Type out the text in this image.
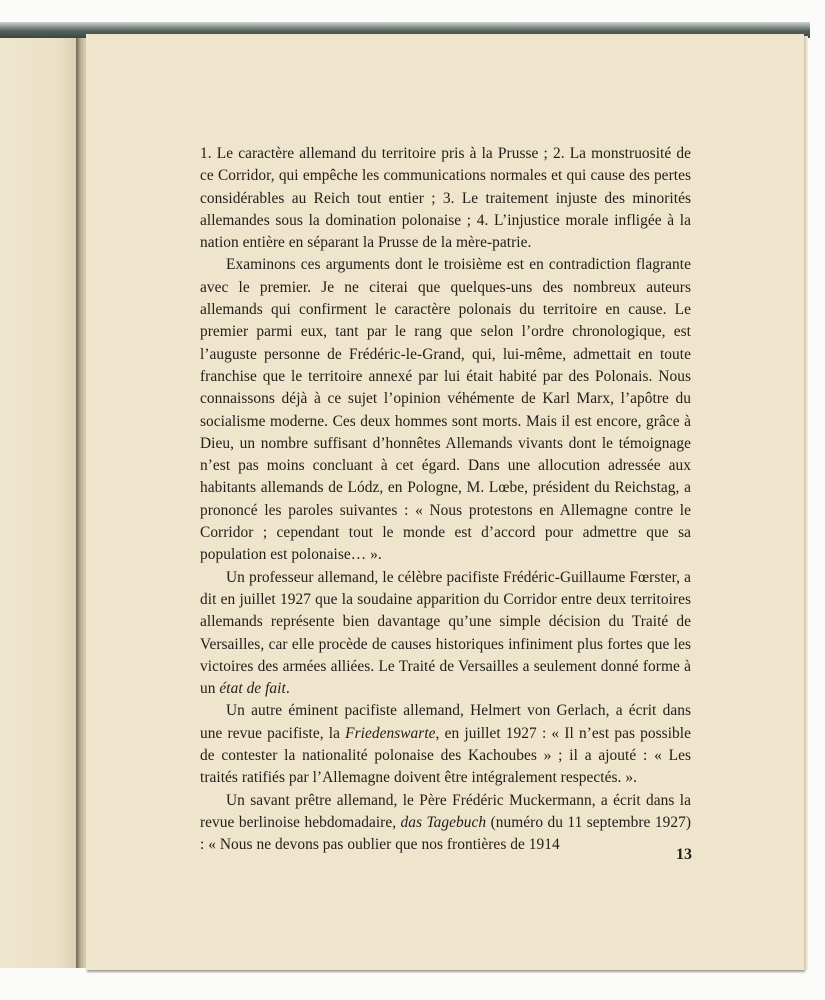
1. Le caractère allemand du territoire pris à la Prusse ; 2. La monstruosité de ce Corridor, qui empêche les communications normales et qui cause des pertes considérables au Reich tout entier ; 3. Le traitement injuste des minorités allemandes sous la domination polonaise ; 4. L’injustice morale infligée à la nation entière en séparant la Prusse de la mère-patrie.

Examinons ces arguments dont le troisième est en contradiction flagrante avec le premier. Je ne citerai que quelques-uns des nombreux auteurs allemands qui confirment le caractère polonais du territoire en cause. Le premier parmi eux, tant par le rang que selon l’ordre chronologique, est l’auguste personne de Frédéric-le-Grand, qui, lui-même, admettait en toute franchise que le territoire annexé par lui était habité par des Polonais. Nous connaissons déjà à ce sujet l’opinion véhémente de Karl Marx, l’apôtre du socialisme moderne. Ces deux hommes sont morts. Mais il est encore, grâce à Dieu, un nombre suffisant d’honnêtes Allemands vivants dont le témoignage n’est pas moins concluant à cet égard. Dans une allocution adressée aux habitants allemands de Lódz, en Pologne, M. Lœbe, président du Reichstag, a prononcé les paroles suivantes : « Nous protestons en Allemagne contre le Corridor ; cependant tout le monde est d’accord pour admettre que sa population est polonaise… ».

Un professeur allemand, le célèbre pacifiste Frédéric-Guillaume Fœrster, a dit en juillet 1927 que la soudaine apparition du Corridor entre deux territoires allemands représente bien davantage qu’une simple décision du Traité de Versailles, car elle procède de causes historiques infiniment plus fortes que les victoires des armées alliées. Le Traité de Versailles a seulement donné forme à un état de fait.

Un autre éminent pacifiste allemand, Helmert von Gerlach, a écrit dans une revue pacifiste, la Friedenswarte, en juillet 1927 : « Il n’est pas possible de contester la nationalité polonaise des Kachoubes » ; il a ajouté : « Les traités ratifiés par l’Allemagne doivent être intégralement respectés. ».

Un savant prêtre allemand, le Père Frédéric Muckermann, a écrit dans la revue berlinoise hebdomadaire, das Tagebuch (numéro du 11 septembre 1927) : « Nous ne devons pas oublier que nos frontières de 1914

13
